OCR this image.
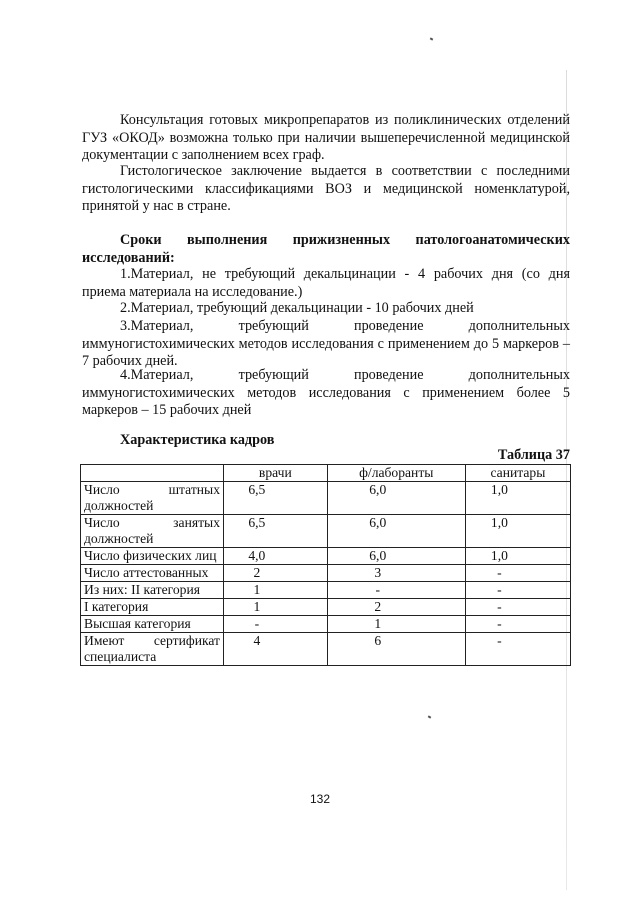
Консультация готовых микропрепаратов из поликлинических отделений ГУЗ «ОКОД» возможна только при наличии вышеперечисленной медицинской документации с заполнением всех граф.

Гистологическое заключение выдается в соответствии с последними гистологическими классификациями ВОЗ и медицинской номенклатурой, принятой у нас в стране.

Сроки выполнения прижизненных патологоанатомических исследований:

1.Материал, не требующий декальцинации - 4 рабочих дня (со дня приема материала на исследование.)

2.Материал, требующий декальцинации - 10 рабочих дней

3.Материал, требующий проведение дополнительных иммуногистохимических методов исследования с применением до 5 маркеров – 7 рабочих дней.

4.Материал, требующий проведение дополнительных иммуногистохимических методов исследования с применением более 5 маркеров – 15 рабочих дней

Характеристика кадров
Таблица 37
	врачи	ф/лаборанты	санитары
Число штатных должностей	6,5	6,0	1,0
Число занятых должностей	6,5	6,0	1,0
Число физических лиц	4,0	6,0	1,0
Число аттестованных	2	3	-
Из них: II категория	1	-	-
I категория	1	2	-
Высшая категория	-	1	-
Имеют сертификат специалиста	4	6	-
132
